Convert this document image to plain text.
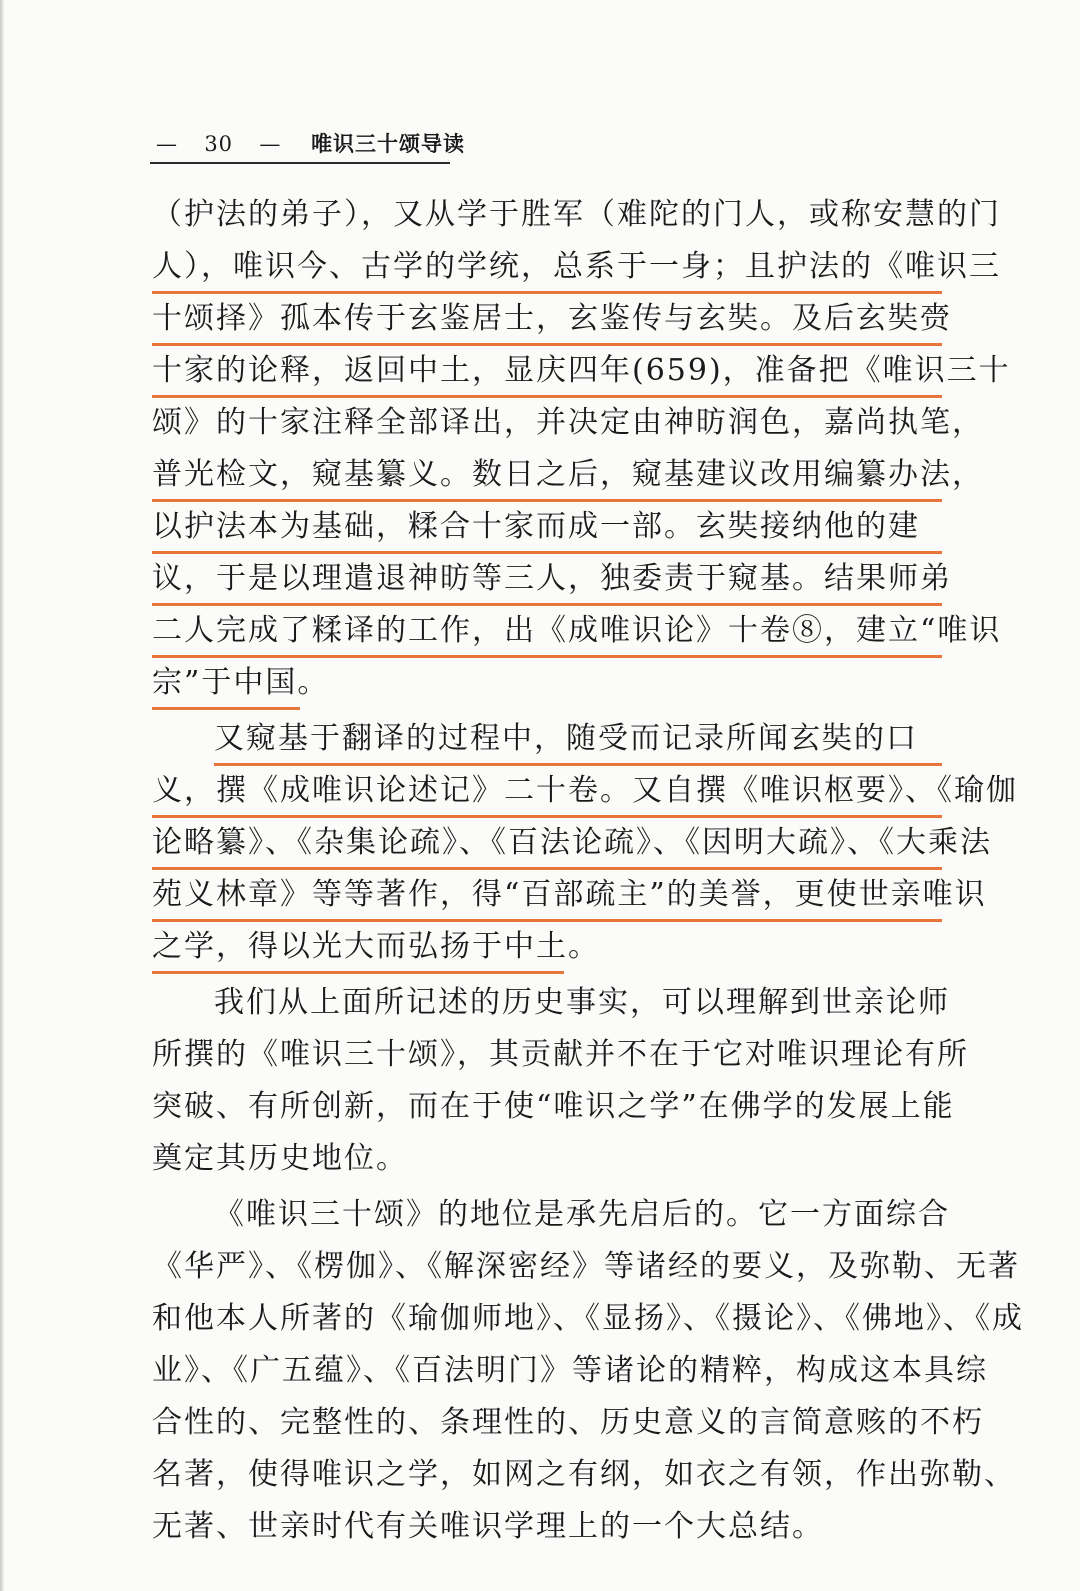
— 30 — 唯识三十颂导读
（护法的弟子），又从学于胜军（难陀的门人，或称安慧的门
人），唯识今、古学的学统，总系于一身；且护法的《唯识三
十颂择》孤本传于玄鉴居士，玄鉴传与玄奘。及后玄奘赍
十家的论释，返回中土，显庆四年(659)，准备把《唯识三十
颂》的十家注释全部译出，并决定由神昉润色，嘉尚执笔，
普光检文，窥基纂义。数日之后，窥基建议改用编纂办法，
以护法本为基础，糅合十家而成一部。玄奘接纳他的建
议，于是以理遣退神昉等三人，独委责于窥基。结果师弟
二人完成了糅译的工作，出《成唯识论》十卷⑧，建立“唯识
宗”于中国。
又窥基于翻译的过程中，随受而记录所闻玄奘的口
义，撰《成唯识论述记》二十卷。又自撰《唯识枢要》、《瑜伽
论略纂》、《杂集论疏》、《百法论疏》、《因明大疏》、《大乘法
苑义林章》等等著作，得“百部疏主”的美誉，更使世亲唯识
之学，得以光大而弘扬于中土。
我们从上面所记述的历史事实，可以理解到世亲论师
所撰的《唯识三十颂》，其贡献并不在于它对唯识理论有所
突破、有所创新，而在于使“唯识之学”在佛学的发展上能
奠定其历史地位。
《唯识三十颂》的地位是承先启后的。它一方面综合
《华严》、《楞伽》、《解深密经》等诸经的要义，及弥勒、无著
和他本人所著的《瑜伽师地》、《显扬》、《摄论》、《佛地》、《成
业》、《广五蕴》、《百法明门》等诸论的精粹，构成这本具综
合性的、完整性的、条理性的、历史意义的言简意赅的不朽
名著，使得唯识之学，如网之有纲，如衣之有领，作出弥勒、
无著、世亲时代有关唯识学理上的一个大总结。
